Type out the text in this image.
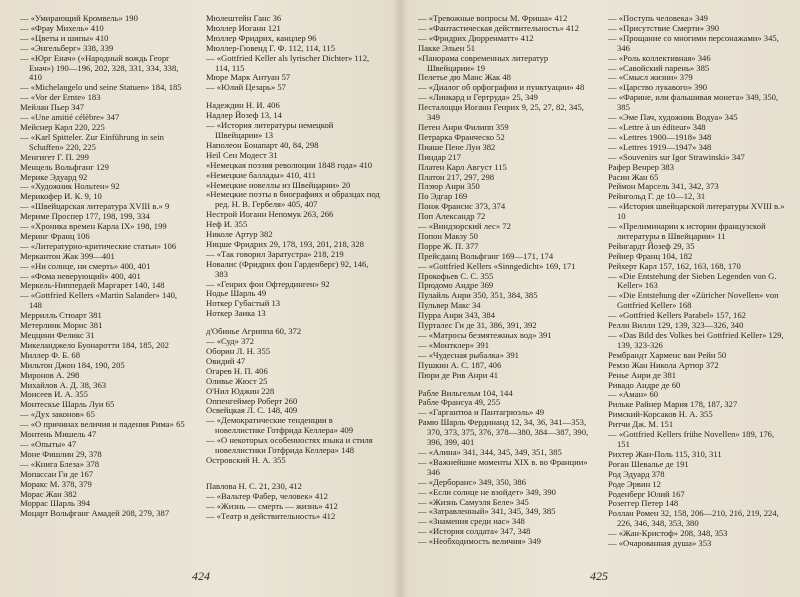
— «Умирающий Кромвель» 190
— «Фрау Михель» 410
— «Цветы и шипы» 410
— «Энгельберг» 338, 339
— «Юрг Енач» («Народный вождь Георг Енач») 190—196, 202, 328, 331, 334, 338, 410
— «Michelangelo und seine Statuen» 184, 185
— «Vor der Ernte» 183
Мейлан Пьер 347
— «Une amitié célèbre» 347
Мейснер Карл 220, 225
— «Karl Spitteler. Zur Einführung in sein Schaffen» 220, 225
Менгигет Г. П. 299
Менцель Вольфганг 129
Мерике Эдуард 92
— «Художник Нольтен» 92
Мерикофер И. К. 9, 10
— «Швейцарская литература XVIII в.» 9
Мериме Проспер 177, 198, 199, 334
— «Хроника времен Карла IX» 198, 199
Меринг Франц 106
— «Литературно-критические статьи» 106
Меркантон Жак 399—401
— «Ни солнце, ни смерть» 400, 401
— «Фома неверующий» 400, 401
Меркель-Ниппердей Маргарет 140, 148
— «Gottfried Kellers «Martin Salander» 140, 148
Меррилль Стюарт 381
Метерлинк Морис 381
Меццини Феликс 31
Микеланджело Буонаротти 184, 185, 202
Миллер Ф. Б. 68
Мильтон Джон 184, 190, 205
Миронов А. 298
Михайлов А. Д. 38, 363
Моисеев И. А. 355
Монтескье Шарль Луи 65
— «Дух законов» 65
— «О причинах величия и падения Рима» 65
Монтень Мишель 47
— «Опыты» 47
Моне Фишлин 29, 378
— «Книга Блеза» 378
Мопассан Ги де 167
Моракс М. 378, 379
Морас Жан 382
Моррас Шарль 394
Моцарт Вольфганг Амадей 208, 279, 387
Мюлештейн Ганс 36
Мюллер Иоганн 121
Мюллер Фридрих, канцлер 96
Мюллер-Гювенд Г. Ф. 112, 114, 115
— «Gottfried Keller als lyrischer Dichter» 112, 114, 115
Мюре Марк Антуан 57
— «Юлий Цезарь» 57
Надеждин Н. И. 406
Надлер Йозеф 13, 14
— «История литературы немецкой Швейцарии» 13
Наполеон Бонапарт 40, 84, 298
Неil Сен Модест 31
«Немецкая поэзия революции 1848 года» 410
«Немецкие баллады» 410, 411
«Немецкие новеллы из Швейцарии» 20
«Немецкие поэты в биографиях и образцах под ред. Н. В. Гербеля» 405, 407
Нестрой Иоганн Непомук 263, 266
Неф И. 355
Николе Артур 382
Ницше Фридрих 29, 178, 193, 201, 218, 328
— «Так говорил Заратустра» 218, 219
Новалис (Фридрих фон Гарденберг) 92, 146, 383
— «Генрих фон Офтердинген» 92
Нодье Шарль 49
Ноткер Губастый 13
Ноткер Заика 13
д'Обинье Агриппа 60, 372
— «Суд» 372
Оборин Л. Н. 355
Овидий 47
Огарев Н. П. 406
Оливье Жюст 25
О'Нил Юджин 228
Оппенгеймер Роберт 260
Освейцкая Л. С. 148, 409
— «Демократические тенденции в новеллистике Готфрида Келлера» 409
— «О некоторых особенностях языка и стиля новеллистики Готфрида Келлера» 148
Островский Н. А. 355
Павлова Н. С. 21, 230, 412
— «Вальтер Фабер, человек» 412
— «Жизнь — смерть — жизнь» 412
— «Театр и действительность» 412
424
— «Тревожные вопросы М. Фриша» 412
— «Фантастическая действительность» 412
— «Фридрих Дюрренматт» 412
Пакке Эльен 51
«Панорама современных литератур Швейцарии» 19
Пелетье дю Манс Жак 48
— «Диалог об орфографии и пунктуации» 48
— «Линкард и Гертруда» 25, 349
Песталоцци Иоганн Генрих 9, 25, 27, 82, 345, 349
Петен Анри Филипп 359
Петрарка Франческо 52
Пиаше Пене Луи 382
Пиндар 217
Платен Карл Август 115
Платон 217, 297, 298
Плэюр Анри 350
По Эдгар 169
Понж Франсис 373, 374
Поп Александр 72
— «Виндзорский лес» 72
Попон Макзу 50
Порре Ж. П. 377
Прейсданц Вольфганг 169—171, 174
— «Gottfried Kellers «Sinngedicht» 169, 171
Прокофьев С. С. 355
Прюдомо Андре 369
Пулайль Анри 350, 351, 384, 385
Пульвер Макс 34
Пурра Анри 343, 384
Пурталес Ги де 31, 386, 391, 392
— «Матросы безмятежных вод» 391
— «Монтклер» 391
— «Чудесная рыбалка» 391
Пушкин А. С. 187, 406
Пюри де Рив Анри 41
Рабле Вильгельм 104, 144
Рабле Франсуа 49, 255
— «Гаргантюа и Пантагрюэль» 49
Рамю Шарль Фердинанд 12, 34, 36, 341—353, 370, 373, 375, 376, 378—380, 384—387, 390, 396, 399, 401
— «Алина» 341, 344, 345, 349, 351, 385
— «Важнейшие моменты XIX в. во Франции» 346
— «Дерборанс» 349, 350, 386
— «Если солнце не взойдет» 349, 390
— «Жизнь Самуэля Беле» 345
— «Затравленный» 341, 345, 349, 385
— «Знамения среди нас» 348
— «История солдата» 347, 348
— «Необходимость величия» 349
— «Поступь человека» 349
— «Присутствие Смерти» 390
— «Прощание со многими персонажами» 345, 346
— «Роль коллективная» 346
— «Савойский парень» 385
— «Смысл жизни» 379
— «Царство лукавого» 390
— «Фарине, или фальшивая монета» 349, 350, 385
— «Эме Пач, художник Водуа» 345
— «Lettre à un éditeur» 348
— «Lettres 1900—1918» 348
— «Lettres 1919—1947» 348
— «Souvenirs sur Igor Strawinski» 347
Рафер Венрер 383
Расин Жан 65
Реймон Марсель 341, 342, 373
Рейнгольд Г. де 10—12, 31
— «История швейцарской литературы XVIII в.» 10
— «Прелиминарии к истории французской литературы в Швейцарии» 11
Рейнгардт Йозеф 29, 35
Рейнер Франц 104, 182
Рейхерт Карл 157, 162, 163, 168, 170
— «Die Entstehung der Sieben Legenden von G. Keller» 163
— «Die Entstehung der «Züricher Novellen» von Gottfried Keller» 168
— «Gottfried Kellers Parabel» 157, 162
Реллн Вилли 129, 139, 323—326, 340
— «Das Bild des Volkes bei Gottfried Keller» 129, 139, 323-326
Рембрандт Харменс ван Рейн 50
Ремзо Жан Никола Артюр 372
Ренье Анри де 381
Ривадо Андре де 60
— «Аман» 60
Рильке Райнер Мария 178, 187, 327
Римский-Корсаков Н. А. 355
Ритчи Дж. М. 151
— «Gottfried Kellers frühe Novellen» 189, 176, 151
Рихтер Жан-Поль 115, 310, 311
Роган Шевалье де 191
Род Эдуард 378
Роде Эрвин 12
Роденберг Юлий 167
Розеггер Петер 148
Роллан Ромен 32, 158, 206—210, 216, 219, 224, 226, 346, 348, 353, 380
— «Жан-Кристоф» 208, 348, 353
— «Очарованная душа» 353
425
